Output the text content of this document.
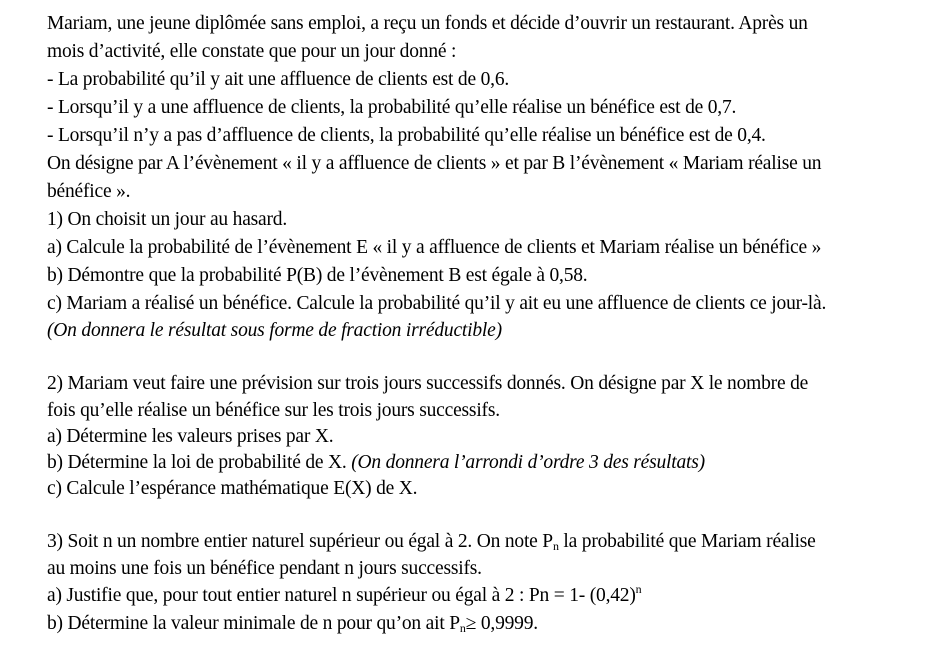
Mariam, une jeune diplômée sans emploi, a reçu un fonds et décide d’ouvrir un restaurant. Après un
mois d’activité, elle constate que pour un jour donné :
- La probabilité qu’il y ait une affluence de clients est de 0,6.
- Lorsqu’il y a une affluence de clients, la probabilité qu’elle réalise un bénéfice est de 0,7.
- Lorsqu’il n’y a pas d’affluence de clients, la probabilité qu’elle réalise un bénéfice est de 0,4.
On désigne par A l’évènement « il y a affluence de clients » et par B l’évènement « Mariam réalise un
bénéfice ».
1) On choisit un jour au hasard.
a) Calcule la probabilité de l’évènement E « il y a affluence de clients et Mariam réalise un bénéfice »
b) Démontre que la probabilité P(B) de l’évènement B est égale à 0,58.
c) Mariam a réalisé un bénéfice. Calcule la probabilité qu’il y ait eu une affluence de clients ce jour-là.
(On donnera le résultat sous forme de fraction irréductible)
2) Mariam veut faire une prévision sur trois jours successifs donnés. On désigne par X le nombre de
fois qu’elle réalise un bénéfice sur les trois jours successifs.
a) Détermine les valeurs prises par X.
b) Détermine la loi de probabilité de X. (On donnera l’arrondi d’ordre 3 des résultats)
c) Calcule l’espérance mathématique E(X) de X.
3) Soit n un nombre entier naturel supérieur ou égal à 2. On note $P_n$ la probabilité que Mariam réalise
au moins une fois un bénéfice pendant n jours successifs.
a) Justifie que, pour tout entier naturel n supérieur ou égal à 2 : Pn = 1- $(0,42)^n$
b) Détermine la valeur minimale de n pour qu’on ait $P_n\ge 0,9999$.
